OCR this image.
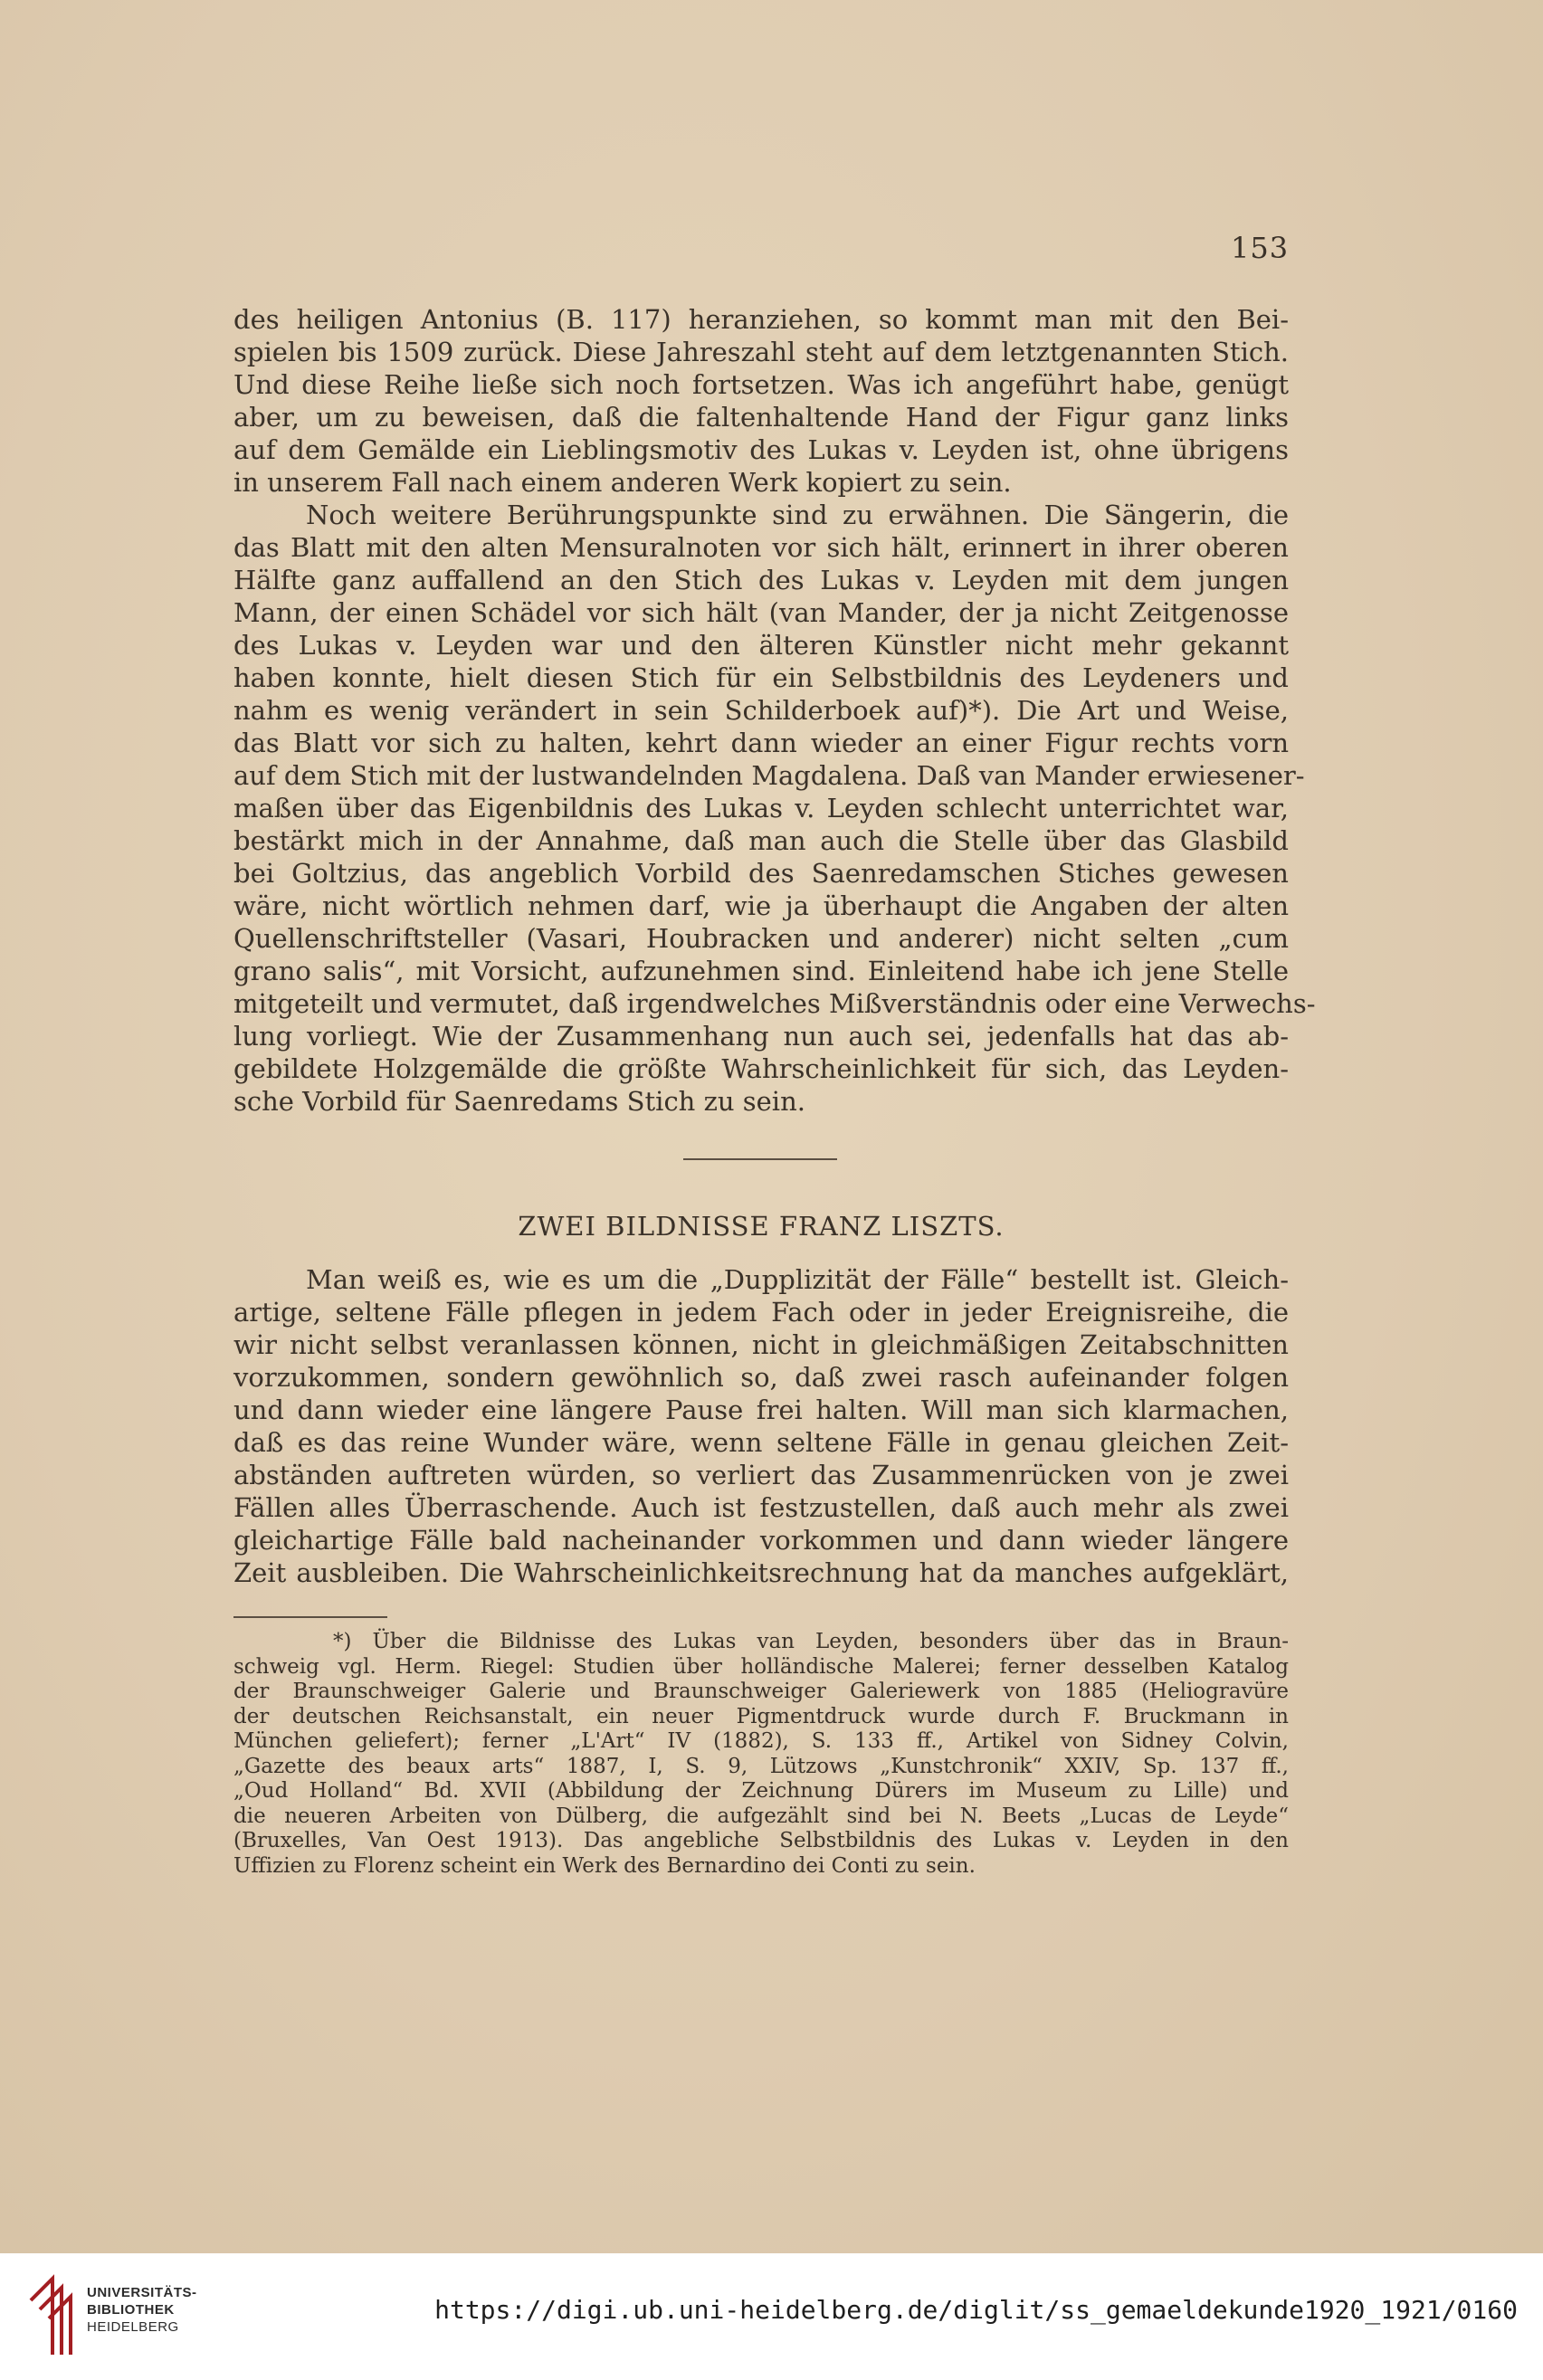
153
des heiligen Antonius (B. 117) heranziehen, so kommt man mit den Bei-
spielen bis 1509 zurück. Diese Jahreszahl steht auf dem letztgenannten Stich.
Und diese Reihe ließe sich noch fortsetzen. Was ich angeführt habe, genügt
aber, um zu beweisen, daß die faltenhaltende Hand der Figur ganz links
auf dem Gemälde ein Lieblingsmotiv des Lukas v. Leyden ist, ohne übrigens
in unserem Fall nach einem anderen Werk kopiert zu sein.
Noch weitere Berührungspunkte sind zu erwähnen. Die Sängerin, die
das Blatt mit den alten Mensuralnoten vor sich hält, erinnert in ihrer oberen
Hälfte ganz auffallend an den Stich des Lukas v. Leyden mit dem jungen
Mann, der einen Schädel vor sich hält (van Mander, der ja nicht Zeitgenosse
des Lukas v. Leyden war und den älteren Künstler nicht mehr gekannt
haben konnte, hielt diesen Stich für ein Selbstbildnis des Leydeners und
nahm es wenig verändert in sein Schilderboek auf)*). Die Art und Weise,
das Blatt vor sich zu halten, kehrt dann wieder an einer Figur rechts vorn
auf dem Stich mit der lustwandelnden Magdalena. Daß van Mander erwiesener-
maßen über das Eigenbildnis des Lukas v. Leyden schlecht unterrichtet war,
bestärkt mich in der Annahme, daß man auch die Stelle über das Glasbild
bei Goltzius, das angeblich Vorbild des Saenredamschen Stiches gewesen
wäre, nicht wörtlich nehmen darf, wie ja überhaupt die Angaben der alten
Quellenschriftsteller (Vasari, Houbracken und anderer) nicht selten „cum
grano salis“, mit Vorsicht, aufzunehmen sind. Einleitend habe ich jene Stelle
mitgeteilt und vermutet, daß irgendwelches Mißverständnis oder eine Verwechs-
lung vorliegt. Wie der Zusammenhang nun auch sei, jedenfalls hat das ab-
gebildete Holzgemälde die größte Wahrscheinlichkeit für sich, das Leyden-
sche Vorbild für Saenredams Stich zu sein.
ZWEI BILDNISSE FRANZ LISZTS.
Man weiß es, wie es um die „Dupplizität der Fälle“ bestellt ist. Gleich-
artige, seltene Fälle pflegen in jedem Fach oder in jeder Ereignisreihe, die
wir nicht selbst veranlassen können, nicht in gleichmäßigen Zeitabschnitten
vorzukommen, sondern gewöhnlich so, daß zwei rasch aufeinander folgen
und dann wieder eine längere Pause frei halten. Will man sich klarmachen,
daß es das reine Wunder wäre, wenn seltene Fälle in genau gleichen Zeit-
abständen auftreten würden, so verliert das Zusammenrücken von je zwei
Fällen alles Überraschende. Auch ist festzustellen, daß auch mehr als zwei
gleichartige Fälle bald nacheinander vorkommen und dann wieder längere
Zeit ausbleiben. Die Wahrscheinlichkeitsrechnung hat da manches aufgeklärt,
*) Über die Bildnisse des Lukas van Leyden, besonders über das in Braun-
schweig vgl. Herm. Riegel: Studien über holländische Malerei; ferner desselben Katalog
der Braunschweiger Galerie und Braunschweiger Galeriewerk von 1885 (Heliogravüre
der deutschen Reichsanstalt, ein neuer Pigmentdruck wurde durch F. Bruckmann in
München geliefert); ferner „L'Art“ IV (1882), S. 133 ff., Artikel von Sidney Colvin,
„Gazette des beaux arts“ 1887, I, S. 9, Lützows „Kunstchronik“ XXIV, Sp. 137 ff.,
„Oud Holland“ Bd. XVII (Abbildung der Zeichnung Dürers im Museum zu Lille) und
die neueren Arbeiten von Dülberg, die aufgezählt sind bei N. Beets „Lucas de Leyde“
(Bruxelles, Van Oest 1913). Das angebliche Selbstbildnis des Lukas v. Leyden in den
Uffizien zu Florenz scheint ein Werk des Bernardino dei Conti zu sein.
UNIVERSITÄTS-
BIBLIOTHEK
HEIDELBERG
https://digi.ub.uni-heidelberg.de/diglit/ss_gemaeldekunde1920_1921/0160
